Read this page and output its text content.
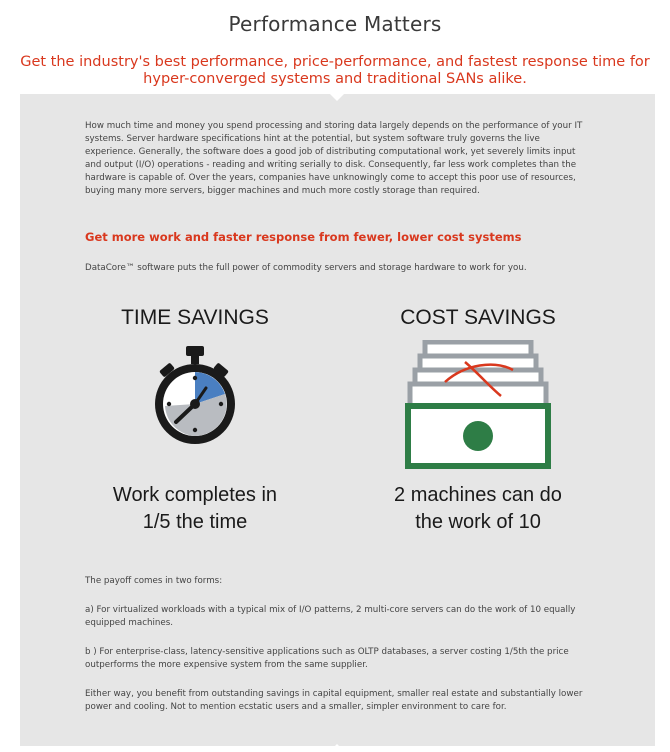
Performance Matters
Get the industry's best performance, price-performance, and fastest response time for hyper-converged systems and traditional SANs alike.
How much time and money you spend processing and storing data largely depends on the performance of your IT systems. Server hardware specifications hint at the potential, but system software truly governs the live experience. Generally, the software does a good job of distributing computational work, yet severely limits input and output (I/O) operations - reading and writing serially to disk. Consequently, far less work completes than the hardware is capable of. Over the years, companies have unknowingly come to accept this poor use of resources, buying many more servers, bigger machines and much more costly storage than required.
Get more work and faster response from fewer, lower cost systems
DataCore™ software puts the full power of commodity servers and storage hardware to work for you.
TIME SAVINGS
Work completes in
1/5 the time
COST SAVINGS
2 machines can do
the work of 10
The payoff comes in two forms:
a) For virtualized workloads with a typical mix of I/O patterns, 2 multi-core servers can do the work of 10 equally equipped machines.
b ) For enterprise-class, latency-sensitive applications such as OLTP databases, a server costing 1/5th the price outperforms the more expensive system from the same supplier.
Either way, you benefit from outstanding savings in capital equipment, smaller real estate and substantially lower power and cooling. Not to mention ecstatic users and a smaller, simpler environment to care for.
